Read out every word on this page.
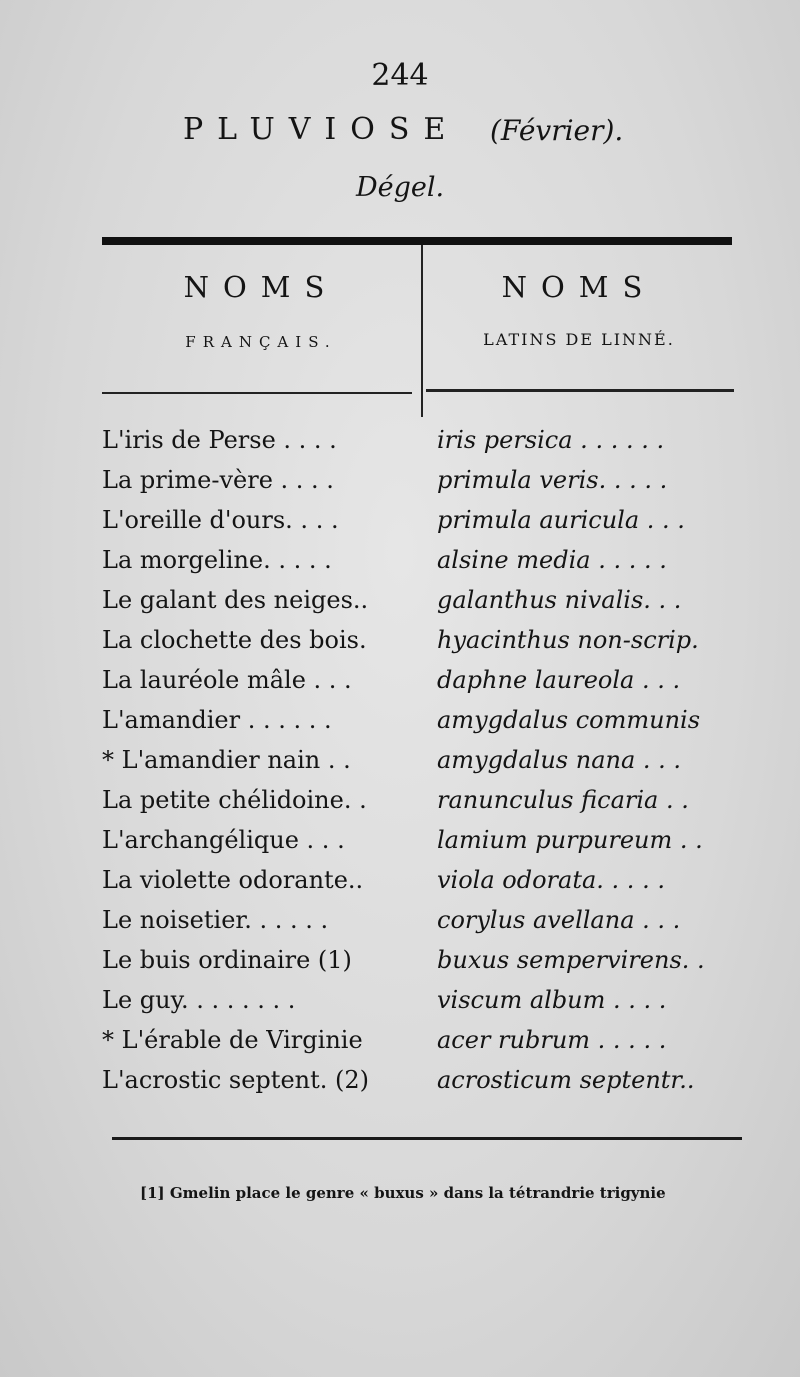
244
PLUVIOSE (Février).
Dégel.
NOMS	NOMS
FRANÇAIS.	LATINS DE LINNÉ.
L'iris de Perse . . . .	iris persica . . . . . .
La prime-vère . . . .	primula veris. . . . .
L'oreille d'ours. . . .	primula auricula . . .
La morgeline. . . . .	alsine media . . . . .
Le galant des neiges..	galanthus nivalis. . .
La clochette des bois.	hyacinthus non-scrip.
La lauréole mâle . . .	daphne laureola . . .
L'amandier . . . . . .	amygdalus communis
* L'amandier nain . .	amygdalus nana . . .
La petite chélidoine. .	ranunculus ficaria . .
L'archangélique . . .	lamium purpureum . .
La violette odorante..	viola odorata. . . . .
Le noisetier. . . . . .	corylus avellana . . .
Le buis ordinaire (1)	buxus sempervirens. .
Le guy. . . . . . . .	viscum album . . . .
* L'érable de Virginie	acer rubrum . . . . .
L'acrostic septent. (2)	acrosticum septentr..
[1] Gmelin place le genre « buxus » dans la tétrandrie trigynie
